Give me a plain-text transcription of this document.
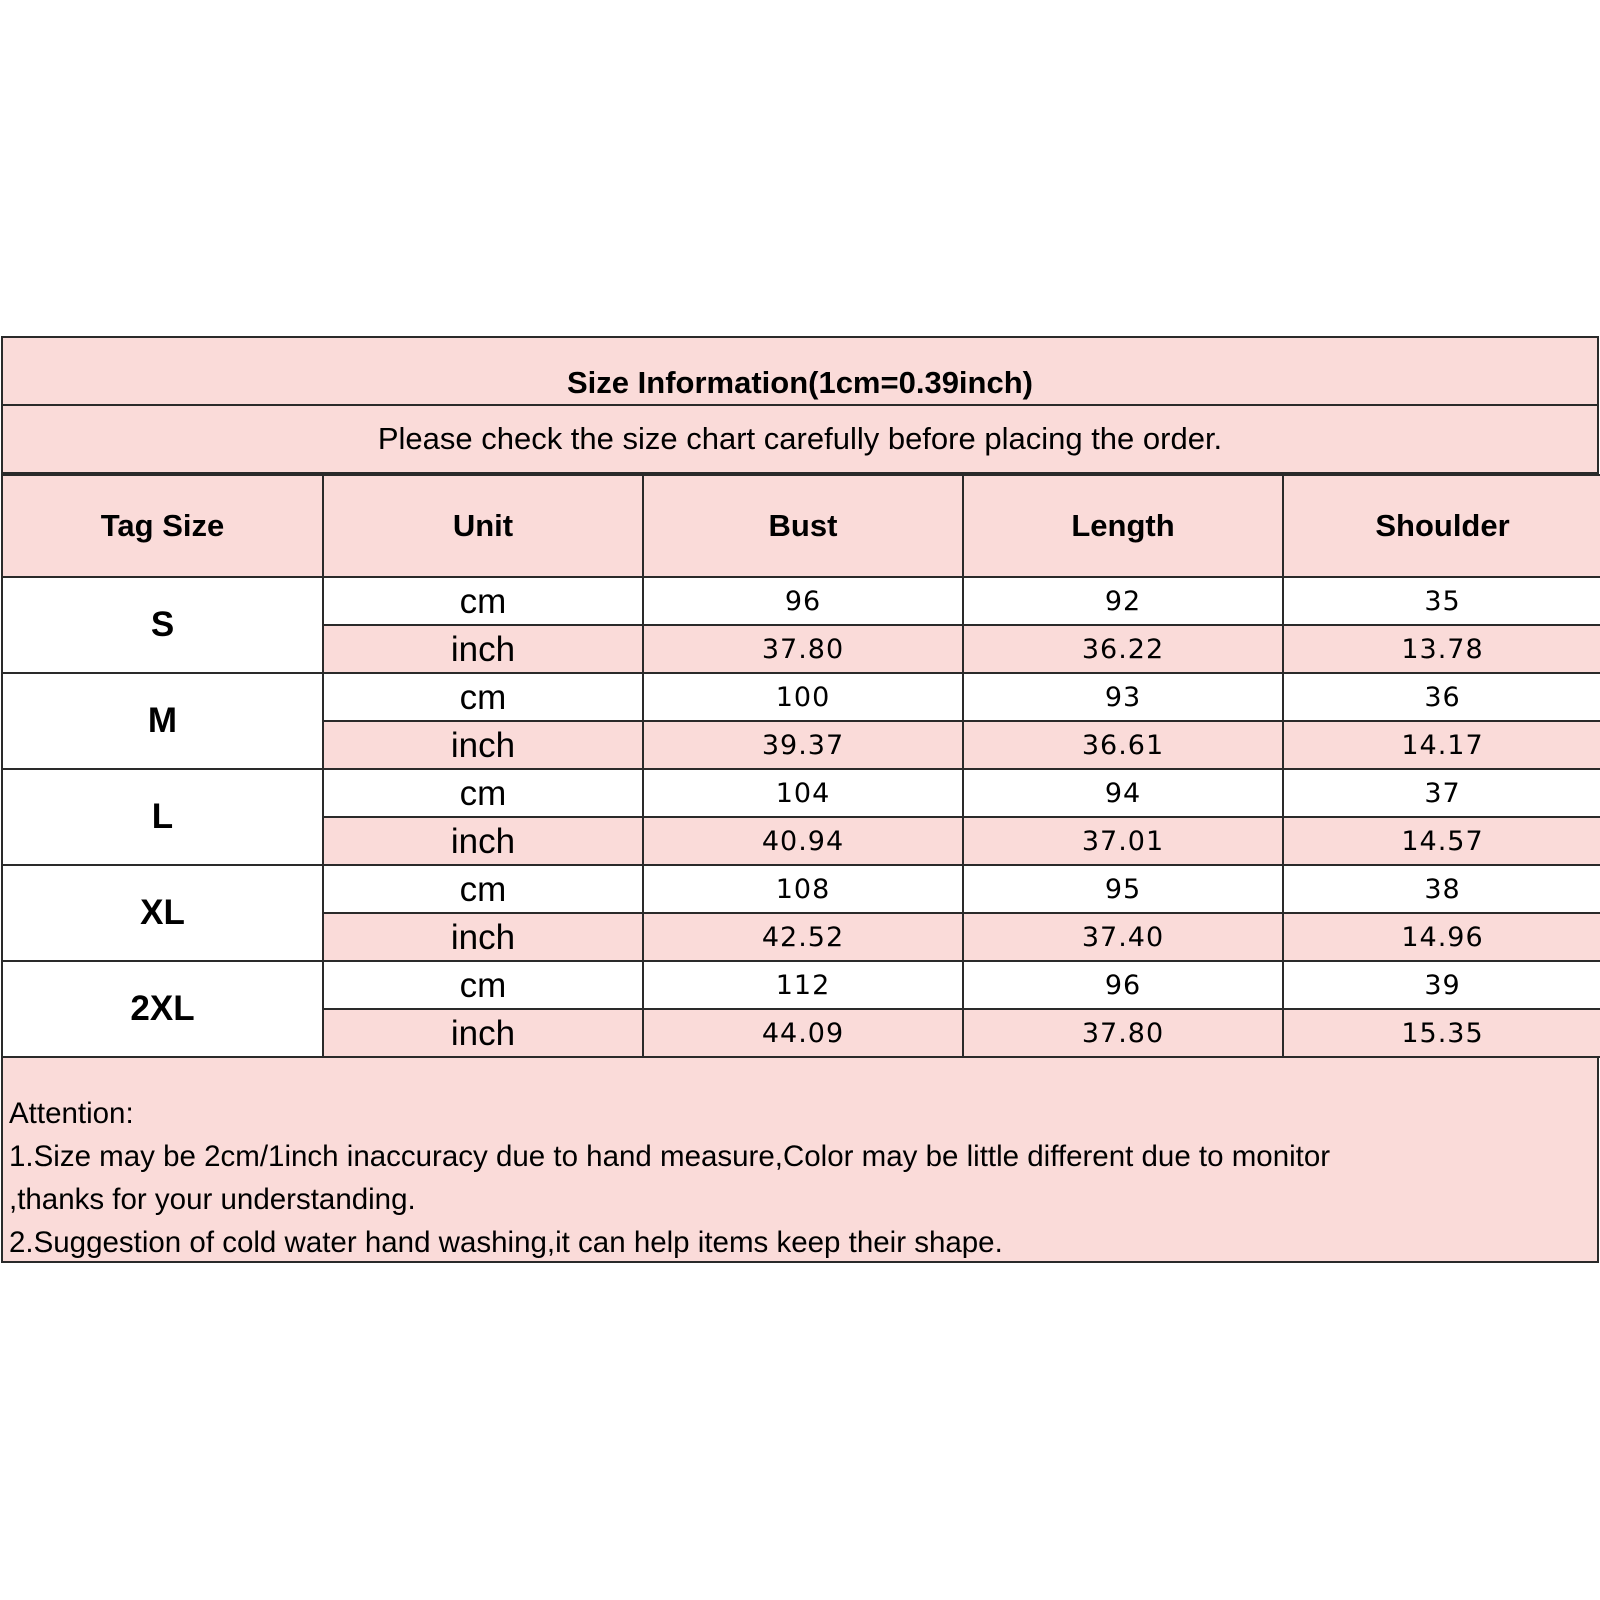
Size Information(1cm=0.39inch)
Please check the size chart carefully before placing the order.
Tag Size	Unit	Bust	Length	Shoulder
S	cm	96	92	35
	inch	37.80	36.22	13.78
M	cm	100	93	36
	inch	39.37	36.61	14.17
L	cm	104	94	37
	inch	40.94	37.01	14.57
XL	cm	108	95	38
	inch	42.52	37.40	14.96
2XL	cm	112	96	39
	inch	44.09	37.80	15.35
Attention:
1.Size may be 2cm/1inch inaccuracy due to hand measure,Color may be little different due to monitor
,thanks for your understanding.
2.Suggestion of cold water hand washing,it can help items keep their shape.
